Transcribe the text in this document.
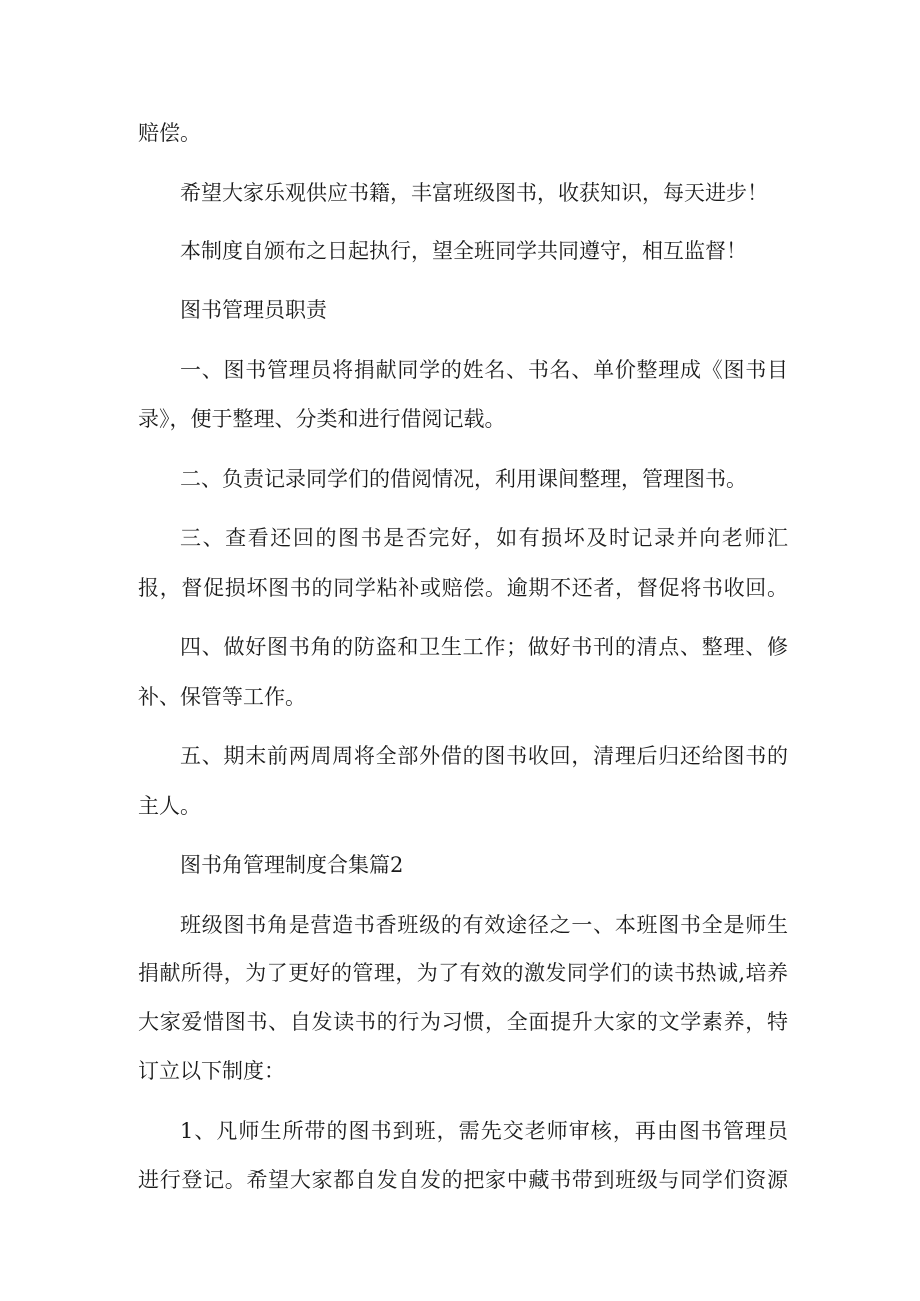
赔偿。
希望大家乐观供应书籍，丰富班级图书，收获知识，每天进步！
本制度自颁布之日起执行，望全班同学共同遵守，相互监督！
图书管理员职责
一、图书管理员将捐献同学的姓名、书名、单价整理成《图书目
录》，便于整理、分类和进行借阅记载。
二、负责记录同学们的借阅情况，利用课间整理，管理图书。
三、查看还回的图书是否完好，如有损坏及时记录并向老师汇
报，督促损坏图书的同学粘补或赔偿。逾期不还者，督促将书收回。
四、做好图书角的防盗和卫生工作；做好书刊的清点、整理、修
补、保管等工作。
五、期末前两周周将全部外借的图书收回，清理后归还给图书的
主人。
图书角管理制度合集篇2
班级图书角是营造书香班级的有效途径之一、本班图书全是师生
捐献所得，为了更好的管理，为了有效的激发同学们的读书热诚,培养
大家爱惜图书、自发读书的行为习惯，全面提升大家的文学素养，特
订立以下制度：
1、凡师生所带的图书到班，需先交老师审核，再由图书管理员
进行登记。希望大家都自发自发的把家中藏书带到班级与同学们资源
